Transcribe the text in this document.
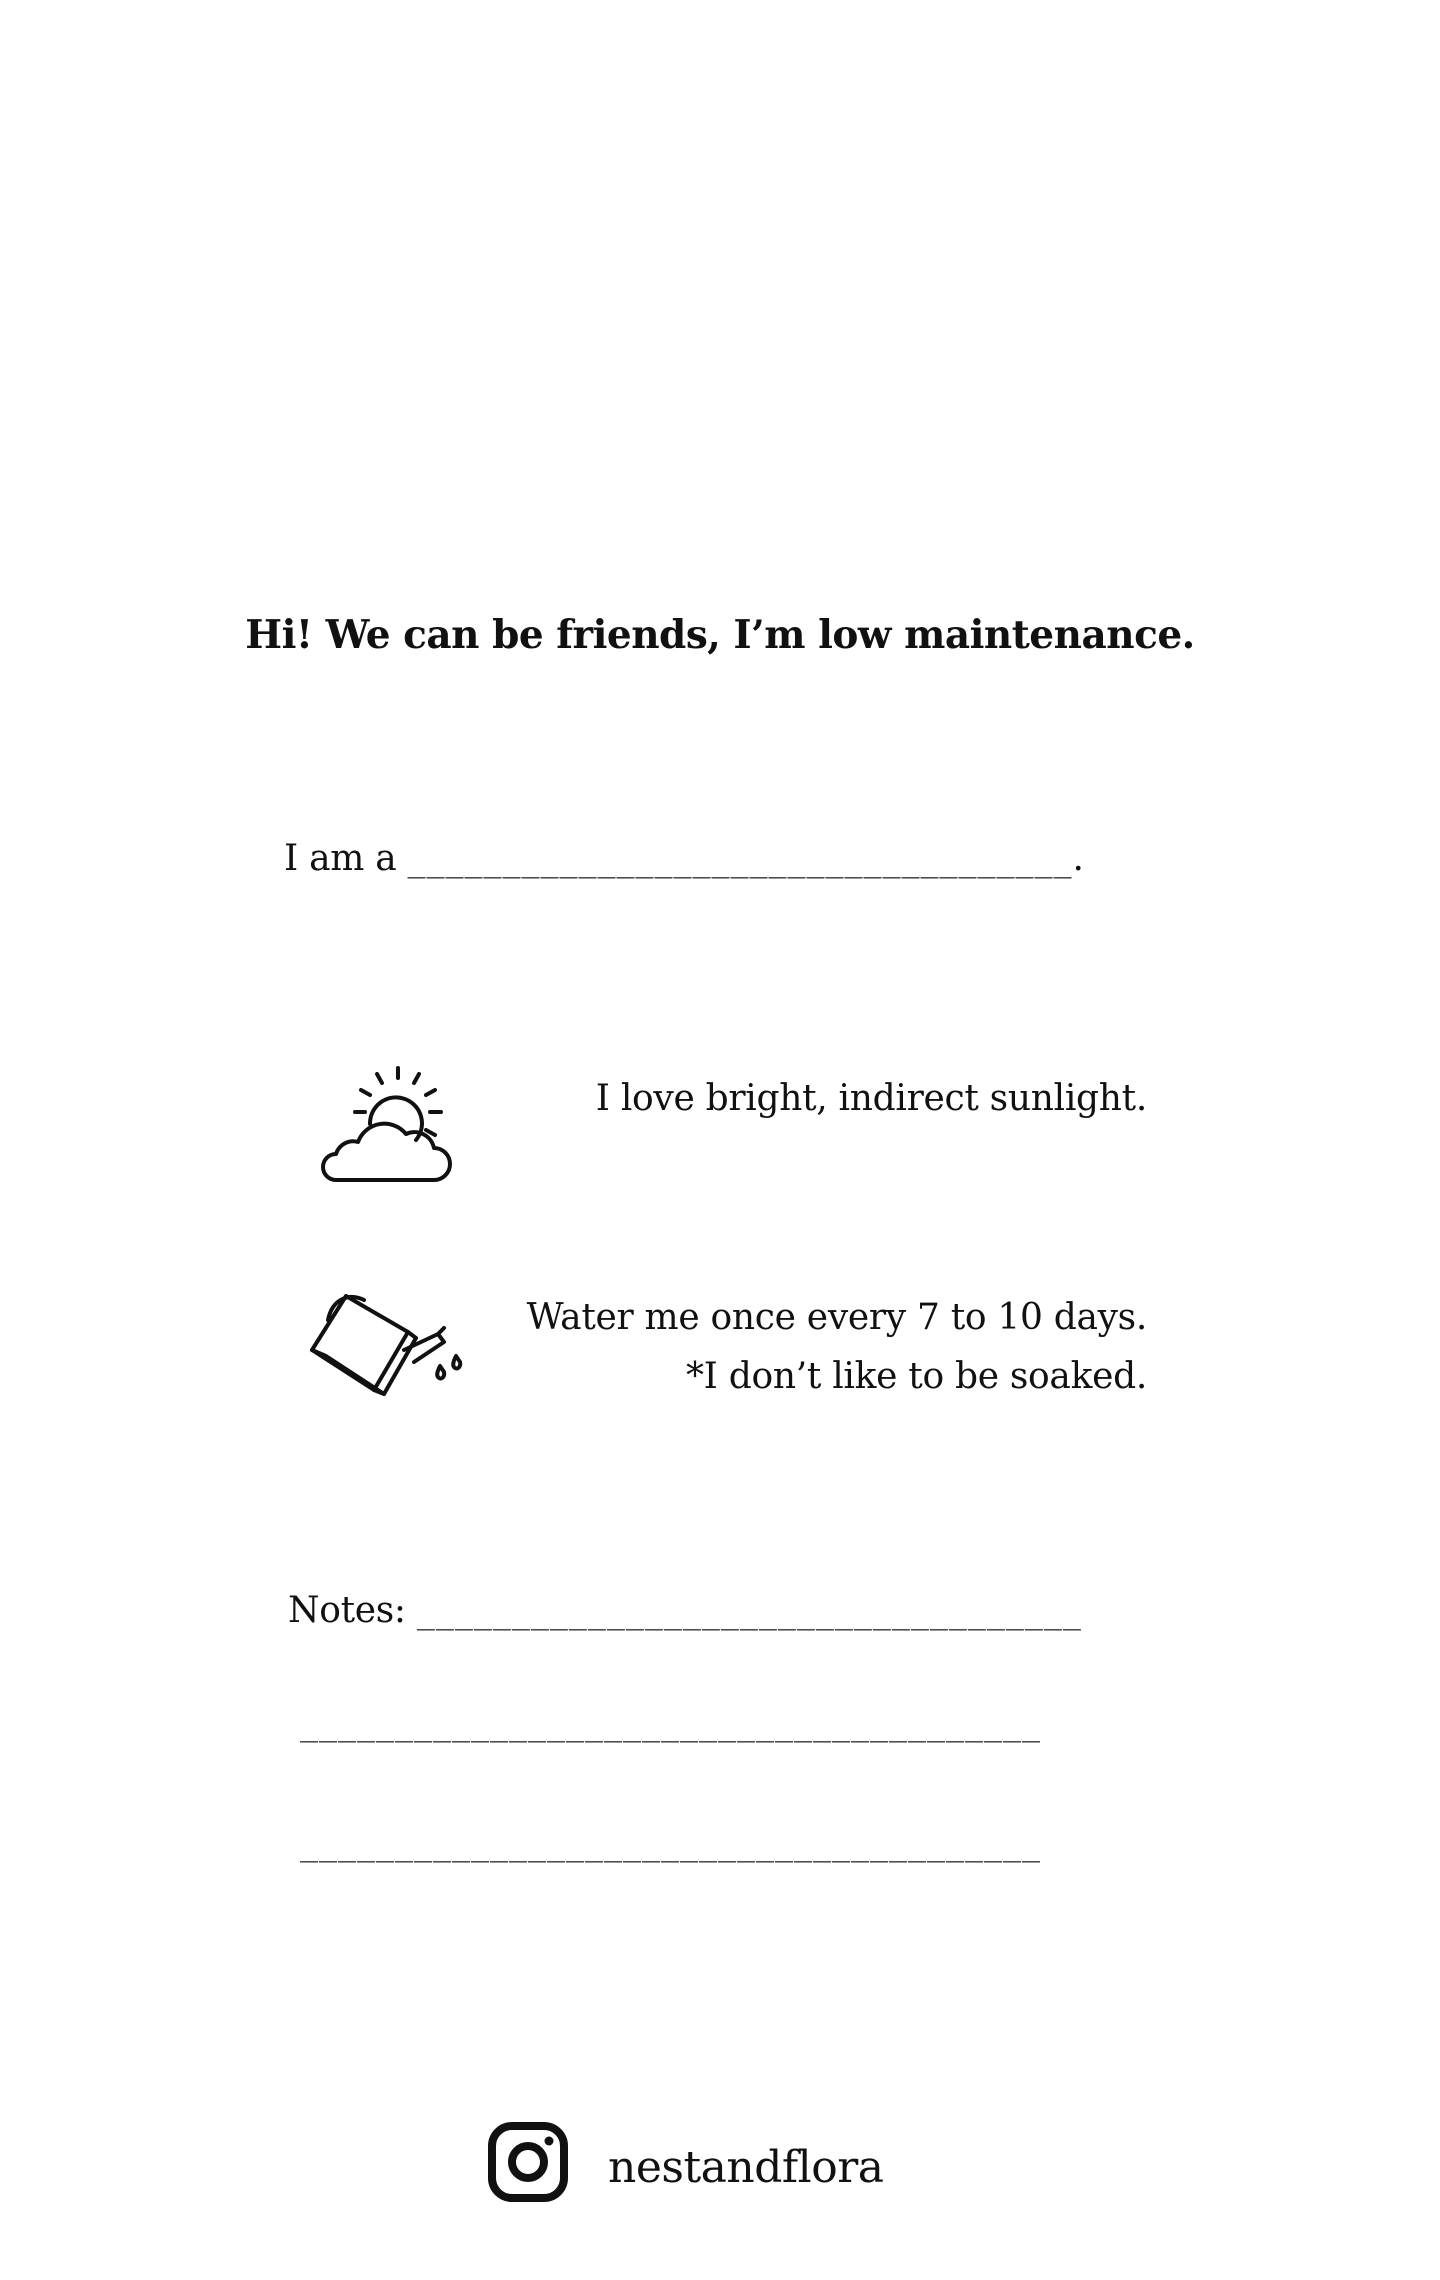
Hi! We can be friends, I’m low maintenance.
I am a ___________________________________.
I love bright, indirect sunlight.
Water me once every 7 to 10 days.
*I don’t like to be soaked.
Notes: ___________________________________
_______________________________________
_______________________________________
nestandflora
